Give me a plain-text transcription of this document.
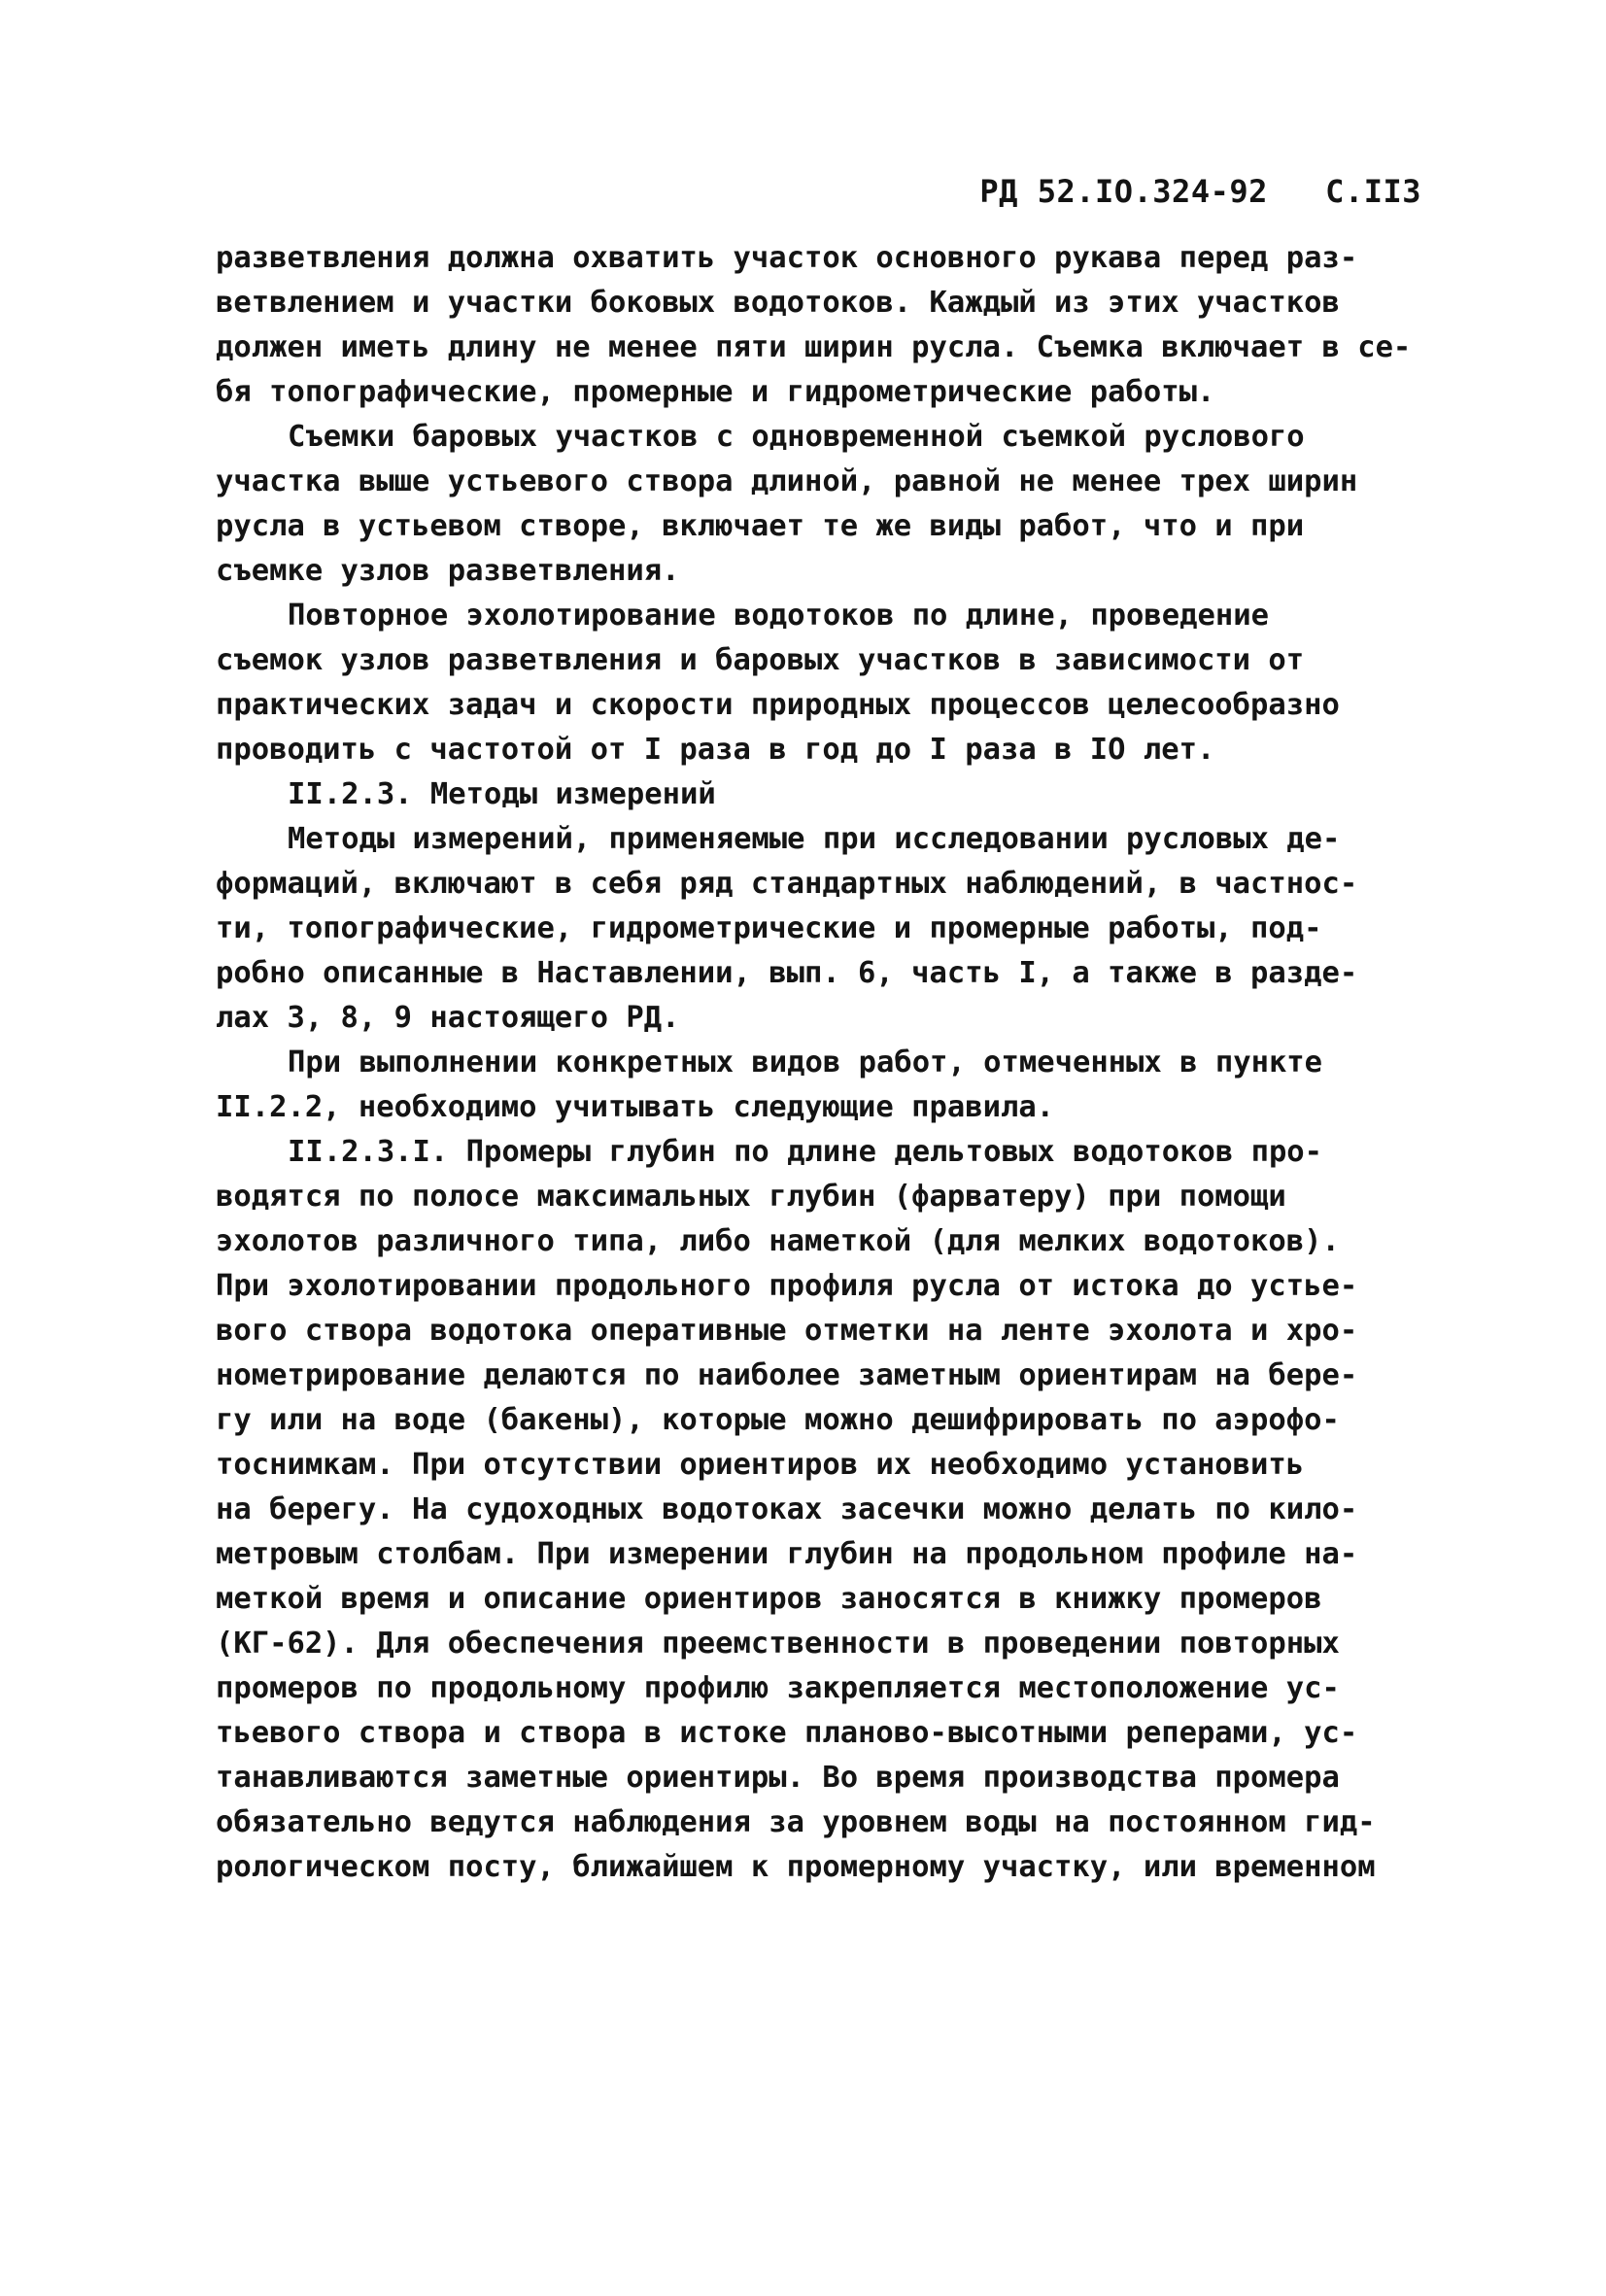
РД 52.IO.324-92 С.II3
разветвления должна охватить участок основного рукава перед раз-
ветвлением и участки боковых водотоков. Каждый из этих участков
должен иметь длину не менее пяти ширин русла. Съемка включает в се-
бя топографические, промерные и гидрометрические работы.
Съемки баровых участков с одновременной съемкой руслового
участка выше устьевого створа длиной, равной не менее трех ширин
русла в устьевом створе, включает те же виды работ, что и при
съемке узлов разветвления.
Повторное эхолотирование водотоков по длине, проведение
съемок узлов разветвления и баровых участков в зависимости от
практических задач и скорости природных процессов целесообразно
проводить с частотой от I раза в год до I раза в IO лет.
II.2.3. Методы измерений
Методы измерений, применяемые при исследовании русловых де-
формаций, включают в себя ряд стандартных наблюдений, в частнос-
ти, топографические, гидрометрические и промерные работы, под-
робно описанные в Наставлении, вып. 6, часть I, а также в разде-
лах 3, 8, 9 настоящего РД.
При выполнении конкретных видов работ, отмеченных в пункте
II.2.2, необходимо учитывать следующие правила.
II.2.3.I. Промеры глубин по длине дельтовых водотоков про-
водятся по полосе максимальных глубин (фарватеру) при помощи
эхолотов различного типа, либо наметкой (для мелких водотоков).
При эхолотировании продольного профиля русла от истока до устье-
вого створа водотока оперативные отметки на ленте эхолота и хро-
нометрирование делаются по наиболее заметным ориентирам на бере-
гу или на воде (бакены), которые можно дешифрировать по аэрофо-
тоснимкам. При отсутствии ориентиров их необходимо установить
на берегу. На судоходных водотоках засечки можно делать по кило-
метровым столбам. При измерении глубин на продольном профиле на-
меткой время и описание ориентиров заносятся в книжку промеров
(КГ-62). Для обеспечения преемственности в проведении повторных
промеров по продольному профилю закрепляется местоположение ус-
тьевого створа и створа в истоке планово-высотными реперами, ус-
танавливаются заметные ориентиры. Во время производства промера
обязательно ведутся наблюдения за уровнем воды на постоянном гид-
рологическом посту, ближайшем к промерному участку, или временном
